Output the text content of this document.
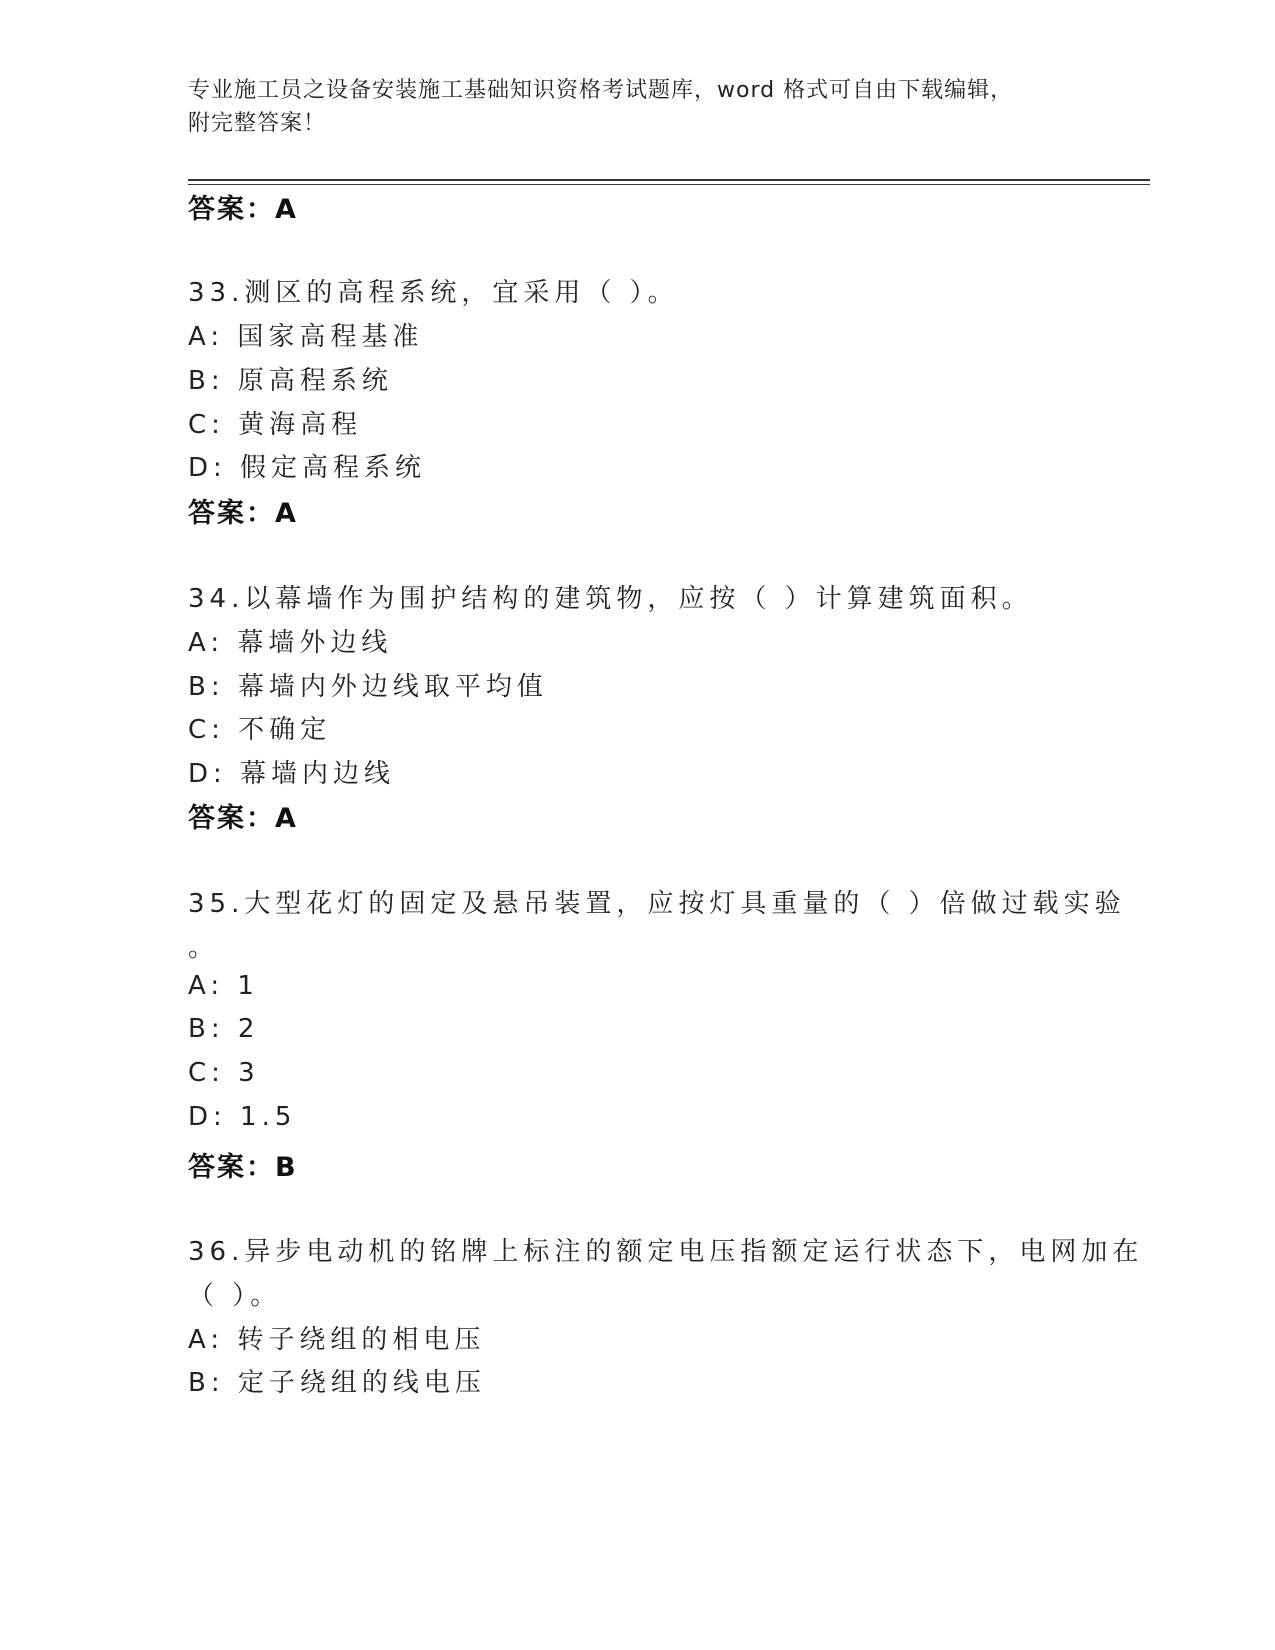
专业施工员之设备安装施工基础知识资格考试题库，word 格式可自由下载编辑，
附完整答案！
答案：A
33.测区的高程系统，宜采用（ ）。
A: 国家高程基准
B: 原高程系统
C: 黄海高程
D: 假定高程系统
答案：A
34.以幕墙作为围护结构的建筑物，应按（ ）计算建筑面积。
A: 幕墙外边线
B: 幕墙内外边线取平均值
C: 不确定
D: 幕墙内边线
答案：A
35.大型花灯的固定及悬吊装置，应按灯具重量的（ ）倍做过载实验
。
A: 1
B: 2
C: 3
D: 1.5
答案：B
36.异步电动机的铭牌上标注的额定电压指额定运行状态下，电网加在
（ ）。
A: 转子绕组的相电压
B: 定子绕组的线电压
